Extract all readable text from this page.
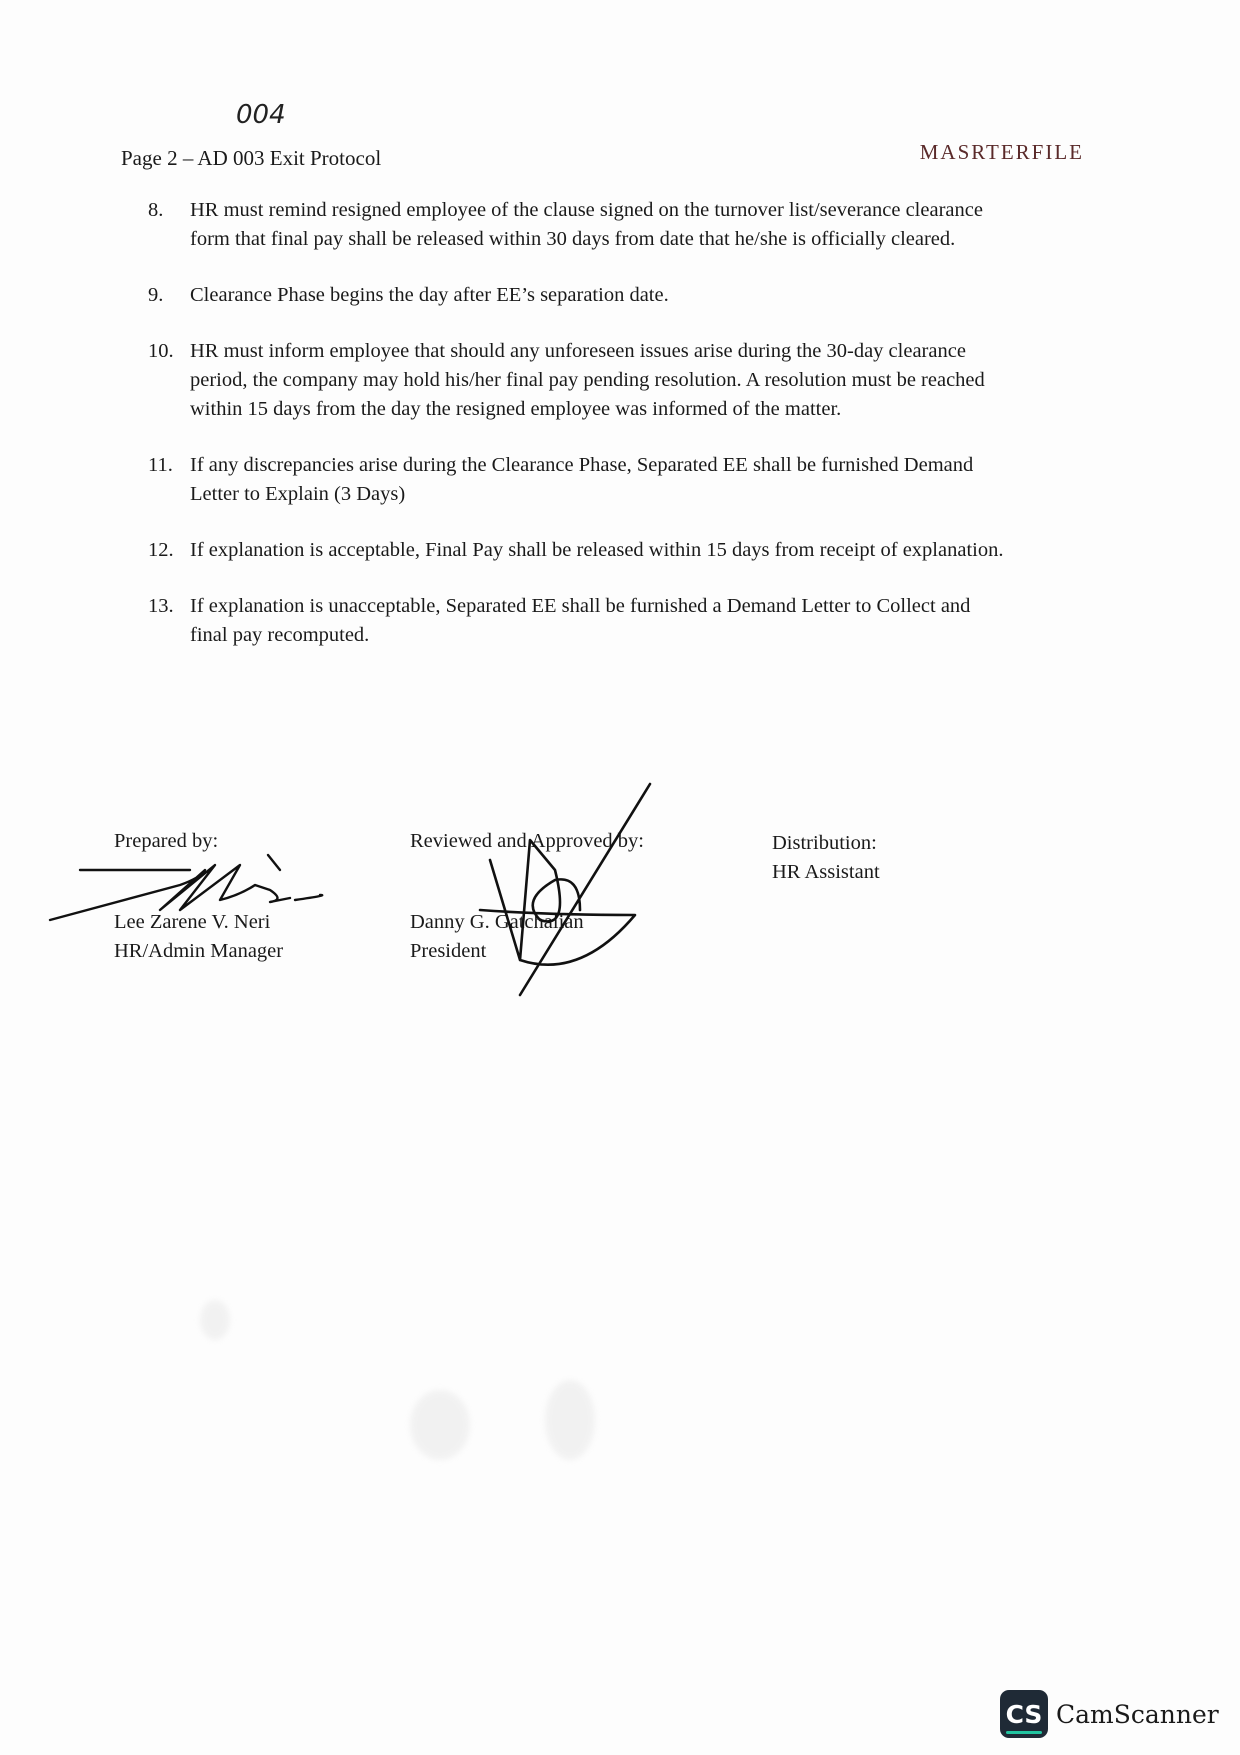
004
Page 2 – AD 003 Exit Protocol	MASRTERFILE
8.	HR must remind resigned employee of the clause signed on the turnover list/severance clearance form that final pay shall be released within 30 days from date that he/she is officially cleared.
9.	Clearance Phase begins the day after EE’s separation date.
10. HR must inform employee that should any unforeseen issues arise during the 30-day clearance period, the company may hold his/her final pay pending resolution. A resolution must be reached within 15 days from the day the resigned employee was informed of the matter.
11. If any discrepancies arise during the Clearance Phase, Separated EE shall be furnished Demand Letter to Explain (3 Days)
12. If explanation is acceptable, Final Pay shall be released within 15 days from receipt of explanation.
13. If explanation is unacceptable, Separated EE shall be furnished a Demand Letter to Collect and final pay recomputed.
Prepared by:
Lee Zarene V. Neri
HR/Admin Manager
Reviewed and Approved by:
Danny G. Gatchalian
President
Distribution:
HR Assistant
CS CamScanner
